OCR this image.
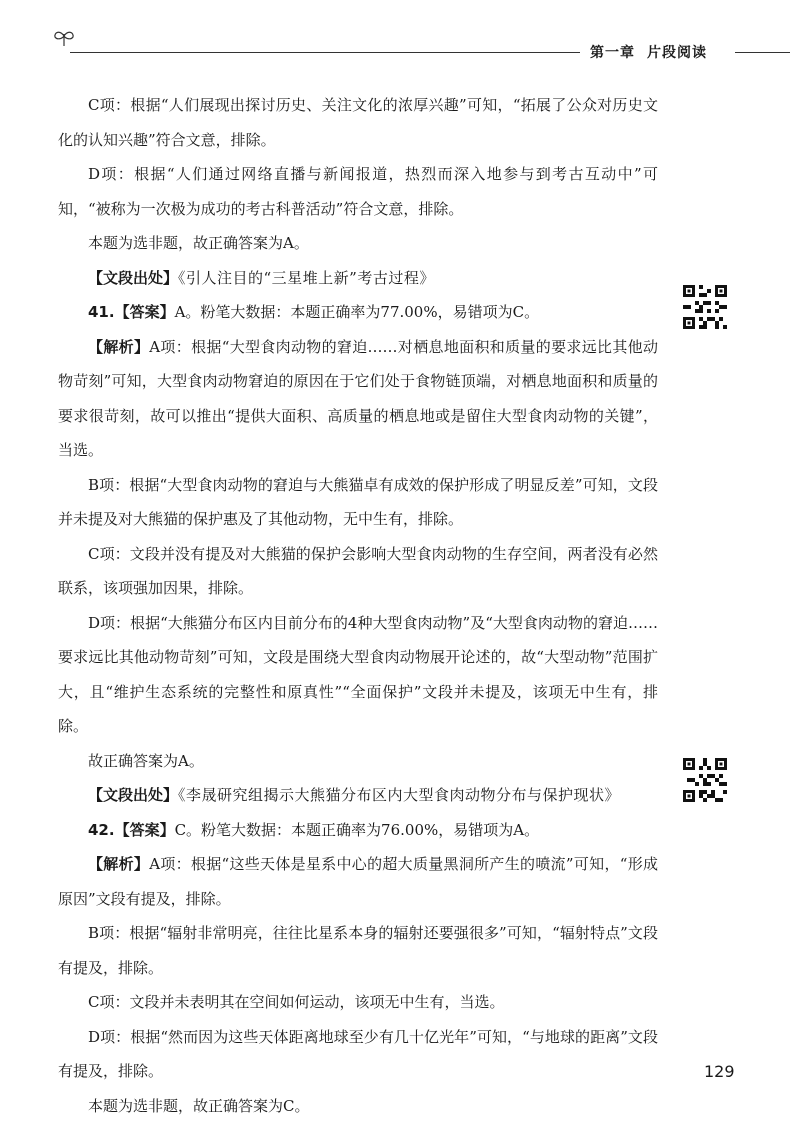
第一章 片段阅读

C项：根据“人们展现出探讨历史、关注文化的浓厚兴趣”可知，“拓展了公众对历史文化的认知兴趣”符合文意，排除。

D项：根据“人们通过网络直播与新闻报道，热烈而深入地参与到考古互动中”可知，“被称为一次极为成功的考古科普活动”符合文意，排除。

本题为选非题，故正确答案为A。

【文段出处】《引人注目的“三星堆上新”考古过程》

41.【答案】A。粉笔大数据：本题正确率为77.00%，易错项为C。

【解析】A项：根据“大型食肉动物的窘迫……对栖息地面积和质量的要求远比其他动物苛刻”可知，大型食肉动物窘迫的原因在于它们处于食物链顶端，对栖息地面积和质量的要求很苛刻，故可以推出“提供大面积、高质量的栖息地或是留住大型食肉动物的关键”，当选。

B项：根据“大型食肉动物的窘迫与大熊猫卓有成效的保护形成了明显反差”可知，文段并未提及对大熊猫的保护惠及了其他动物，无中生有，排除。

C项：文段并没有提及对大熊猫的保护会影响大型食肉动物的生存空间，两者没有必然联系，该项强加因果，排除。

D项：根据“大熊猫分布区内目前分布的4种大型食肉动物”及“大型食肉动物的窘迫……要求远比其他动物苛刻”可知，文段是围绕大型食肉动物展开论述的，故“大型动物”范围扩大，且“维护生态系统的完整性和原真性”“全面保护”文段并未提及，该项无中生有，排除。

故正确答案为A。

【文段出处】《李晟研究组揭示大熊猫分布区内大型食肉动物分布与保护现状》

42.【答案】C。粉笔大数据：本题正确率为76.00%，易错项为A。

【解析】A项：根据“这些天体是星系中心的超大质量黑洞所产生的喷流”可知，“形成原因”文段有提及，排除。

B项：根据“辐射非常明亮，往往比星系本身的辐射还要强很多”可知，“辐射特点”文段有提及，排除。

C项：文段并未表明其在空间如何运动，该项无中生有，当选。

D项：根据“然而因为这些天体距离地球至少有几十亿光年”可知，“与地球的距离”文段有提及，排除。

本题为选非题，故正确答案为C。

129
